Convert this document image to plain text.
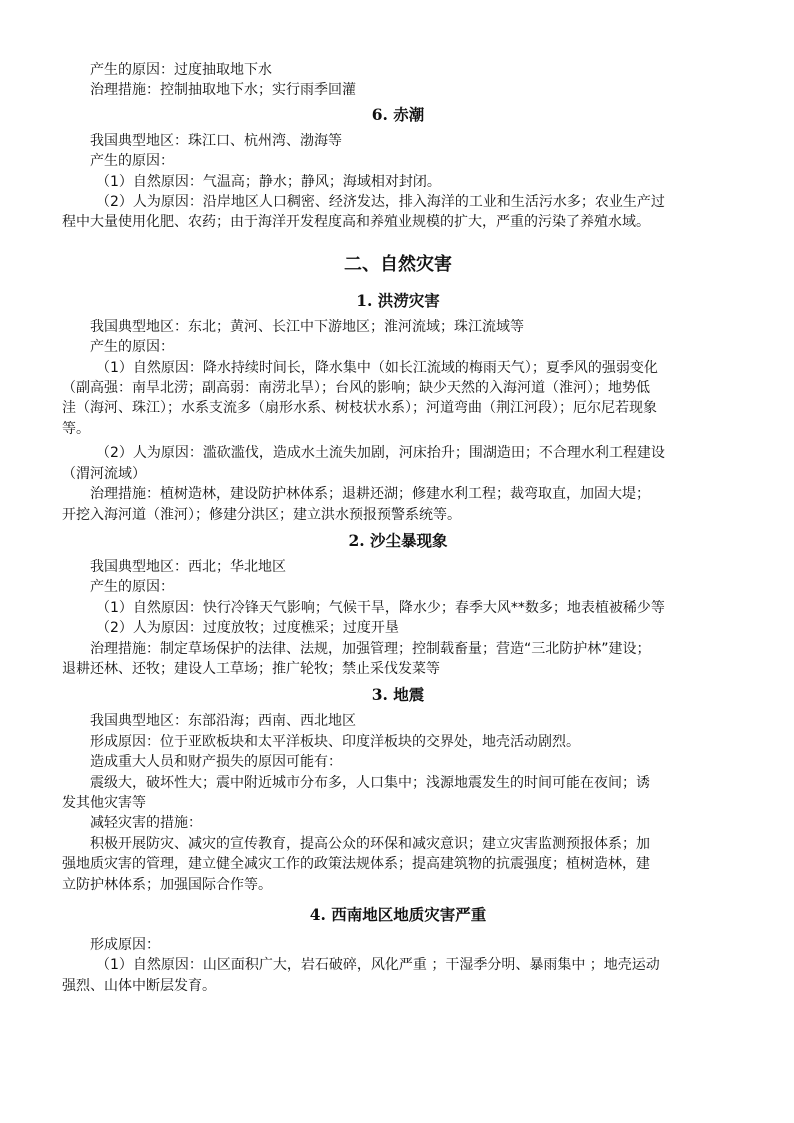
产生的原因：过度抽取地下水

治理措施：控制抽取地下水；实行雨季回灌

6. 赤潮

我国典型地区：珠江口、杭州湾、渤海等

产生的原因：

（1）自然原因：气温高；静水；静风；海域相对封闭。

（2）人为原因：沿岸地区人口稠密、经济发达，排入海洋的工业和生活污水多；农业生产过

程中大量使用化肥、农药；由于海洋开发程度高和养殖业规模的扩大，严重的污染了养殖水域。

二、自然灾害

1. 洪涝灾害

我国典型地区：东北；黄河、长江中下游地区；淮河流域；珠江流域等

产生的原因：

（1）自然原因：降水持续时间长，降水集中（如长江流域的梅雨天气）；夏季风的强弱变化

（副高强：南旱北涝；副高弱：南涝北旱）；台风的影响；缺少天然的入海河道（淮河）；地势低

洼（海河、珠江）；水系支流多（扇形水系、树枝状水系）；河道弯曲（荆江河段）；厄尔尼若现象

等。

（2）人为原因：滥砍滥伐，造成水土流失加剧，河床抬升；围湖造田；不合理水利工程建设

（渭河流域）

治理措施：植树造林，建设防护林体系；退耕还湖；修建水利工程；裁弯取直，加固大堤；

开挖入海河道（淮河）；修建分洪区；建立洪水预报预警系统等。

2. 沙尘暴现象

我国典型地区：西北；华北地区

产生的原因：

（1）自然原因：快行冷锋天气影响；气候干旱，降水少；春季大风**数多；地表植被稀少等

（2）人为原因：过度放牧；过度樵采；过度开垦

治理措施：制定草场保护的法律、法规，加强管理；控制载畜量；营造“三北防护林”建设；

退耕还林、还牧；建设人工草场；推广轮牧；禁止采伐发菜等

3. 地震

我国典型地区：东部沿海；西南、西北地区

形成原因：位于亚欧板块和太平洋板块、印度洋板块的交界处，地壳活动剧烈。

造成重大人员和财产损失的原因可能有：

震级大，破坏性大；震中附近城市分布多，人口集中；浅源地震发生的时间可能在夜间；诱

发其他灾害等

减轻灾害的措施：

积极开展防灾、减灾的宣传教育，提高公众的环保和减灾意识；建立灾害监测预报体系；加

强地质灾害的管理，建立健全减灾工作的政策法规体系；提高建筑物的抗震强度；植树造林，建

立防护林体系；加强国际合作等。

4. 西南地区地质灾害严重

形成原因：

（1）自然原因：山区面积广大，岩石破碎，风化严重 ；干湿季分明、暴雨集中 ；地壳运动

强烈、山体中断层发育。
